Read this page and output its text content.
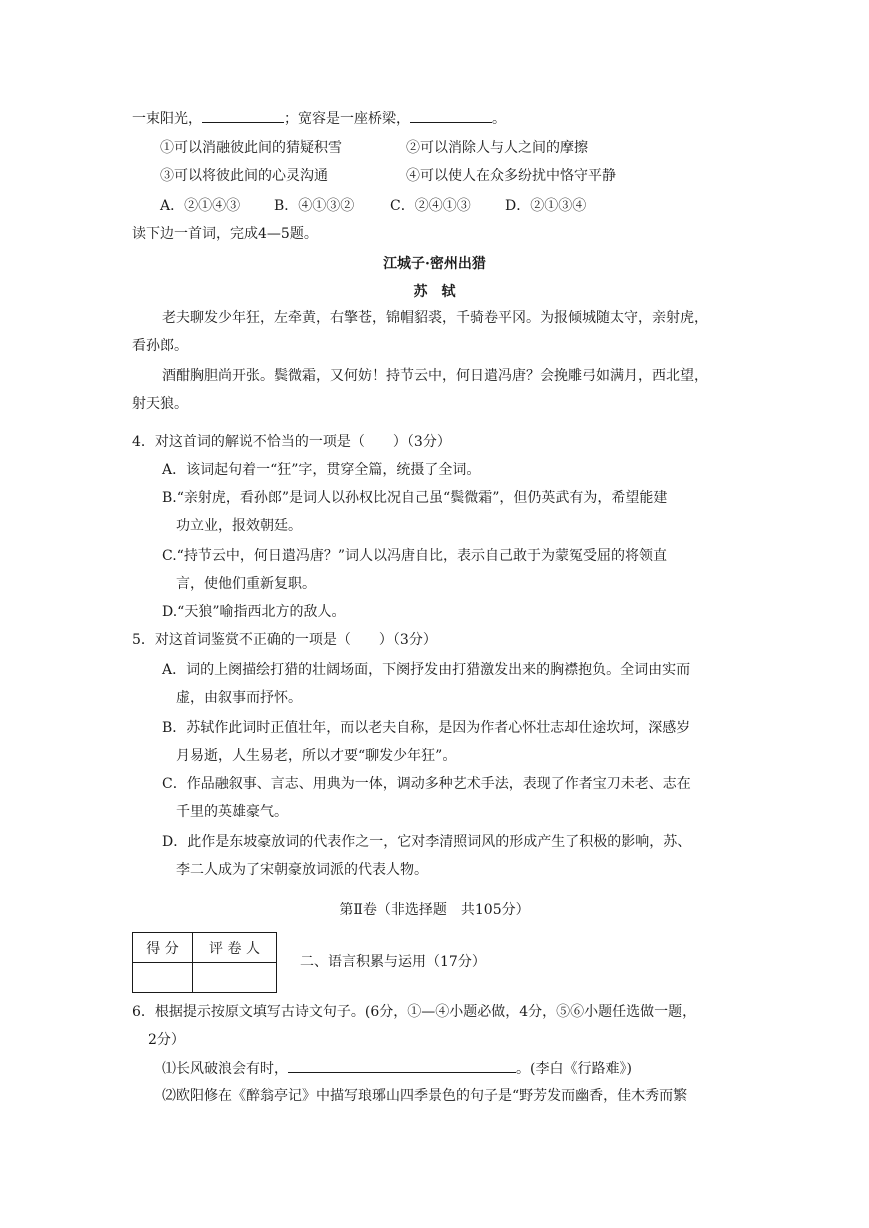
一束阳光，	；宽容是一座桥梁，	。
①可以消融彼此间的猜疑积雪	②可以消除人与人之间的摩擦
③可以将彼此间的心灵沟通	④可以使人在众多纷扰中恪守平静
A．②①④③ B．④①③②	C．②④①③ D．②①③④
读下边一首词，完成4—5题。
江城子·密州出猎
苏　轼
老夫聊发少年狂，左牵黄，右擎苍，锦帽貂裘，千骑卷平冈。为报倾城随太守，亲射虎，
看孙郎。
酒酣胸胆尚开张。鬓微霜，又何妨！持节云中，何日遣冯唐？会挽雕弓如满月，西北望，
射天狼。
4．对这首词的解说不恰当的一项是（　　）（3分）
A．该词起句着一“狂”字，贯穿全篇，统摄了全词。
B.“亲射虎，看孙郎”是词人以孙权比况自己虽“鬓微霜”，但仍英武有为，希望能建
功立业，报效朝廷。
C.“持节云中，何日遣冯唐？”词人以冯唐自比，表示自己敢于为蒙冤受屈的将领直
言，使他们重新复职。
D.“天狼”喻指西北方的敌人。
5．对这首词鉴赏不正确的一项是（　　）（3分）
A．词的上阕描绘打猎的壮阔场面，下阕抒发由打猎激发出来的胸襟抱负。全词由实而
虚，由叙事而抒怀。
B．苏轼作此词时正值壮年，而以老夫自称，是因为作者心怀壮志却仕途坎坷，深感岁
月易逝，人生易老，所以才要“聊发少年狂”。
C．作品融叙事、言志、用典为一体，调动多种艺术手法，表现了作者宝刀未老、志在
千里的英雄豪气。
D．此作是东坡豪放词的代表作之一，它对李清照词风的形成产生了积极的影响，苏、
李二人成为了宋朝豪放词派的代表人物。
第Ⅱ卷（非选择题　共105分）
得 分	评 卷 人

二、语言积累与运用（17分）
6．根据提示按原文填写古诗文句子。(6分，①—④小题必做，4分，⑤⑥小题任选做一题，
2分）
⑴长风破浪会有时，	。(李白《行路难》)
⑵欧阳修在《醉翁亭记》中描写琅琊山四季景色的句子是“野芳发而幽香，佳木秀而繁
